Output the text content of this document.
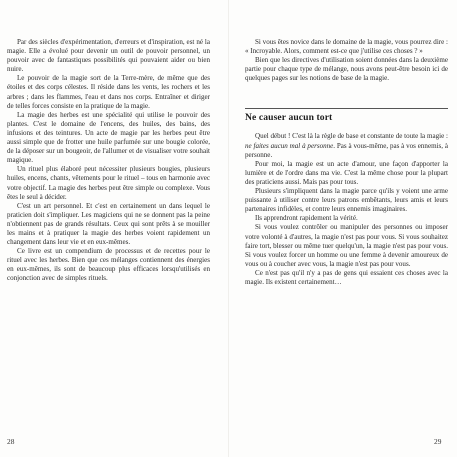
Par des siècles d'expérimentation, d'erreurs et d'inspiration, est né la magie. Elle a évolué pour devenir un outil de pouvoir personnel, un pouvoir avec de fantastiques possibilités qui pouvaient aider ou bien nuire.

Le pouvoir de la magie sort de la Terre-mère, de même que des étoiles et des corps célestes. Il réside dans les vents, les rochers et les arbres ; dans les flammes, l'eau et dans nos corps. Entraîner et diriger de telles forces consiste en la pratique de la magie.

La magie des herbes est une spécialité qui utilise le pouvoir des plantes. C'est le domaine de l'encens, des huiles, des bains, des infusions et des teintures. Un acte de magie par les herbes peut être aussi simple que de frotter une huile parfumée sur une bougie colorée, de la déposer sur un bougeoir, de l'allumer et de visualiser votre souhait magique.

Un rituel plus élaboré peut nécessiter plusieurs bougies, plusieurs huiles, encens, chants, vêtements pour le rituel – tous en harmonie avec votre objectif. La magie des herbes peut être simple ou complexe. Vous êtes le seul à décider.

C'est un art personnel. Et c'est en certainement un dans lequel le praticien doit s'impliquer. Les magiciens qui ne se donnent pas la peine n'obtiennent pas de grands résultats. Ceux qui sont prêts à se mouiller les mains et à pratiquer la magie des herbes voient rapidement un changement dans leur vie et en eux-mêmes.

Ce livre est un compendium de processus et de recettes pour le rituel avec les herbes. Bien que ces mélanges contiennent des énergies en eux-mêmes, ils sont de beaucoup plus efficaces lorsqu'utilisés en conjonction avec de simples rituels.

Si vous êtes novice dans le domaine de la magie, vous pourrez dire : « Incroyable. Alors, comment est-ce que j'utilise ces choses ? »

Bien que les directives d'utilisation soient données dans la deuxième partie pour chaque type de mélange, nous avons peut-être besoin ici de quelques pages sur les notions de base de la magie.

Ne causer aucun tort

Quel début ! C'est là la règle de base et constante de toute la magie : ne faites aucun mal à personne. Pas à vous-même, pas à vos ennemis, à personne.

Pour moi, la magie est un acte d'amour, une façon d'apporter la lumière et de l'ordre dans ma vie. C'est la même chose pour la plupart des praticiens aussi. Mais pas pour tous.

Plusieurs s'impliquent dans la magie parce qu'ils y voient une arme puissante à utiliser contre leurs patrons embêtants, leurs amis et leurs partenaires infidèles, et contre leurs ennemis imaginaires.

Ils apprendront rapidement la vérité.

Si vous voulez contrôler ou manipuler des personnes ou imposer votre volonté à d'autres, la magie n'est pas pour vous. Si vous souhaitez faire tort, blesser ou même tuer quelqu'un, la magie n'est pas pour vous. Si vous voulez forcer un homme ou une femme à devenir amoureux de vous ou à coucher avec vous, la magie n'est pas pour vous.

Ce n'est pas qu'il n'y a pas de gens qui essaient ces choses avec la magie. Ils existent certainement…

28	29
